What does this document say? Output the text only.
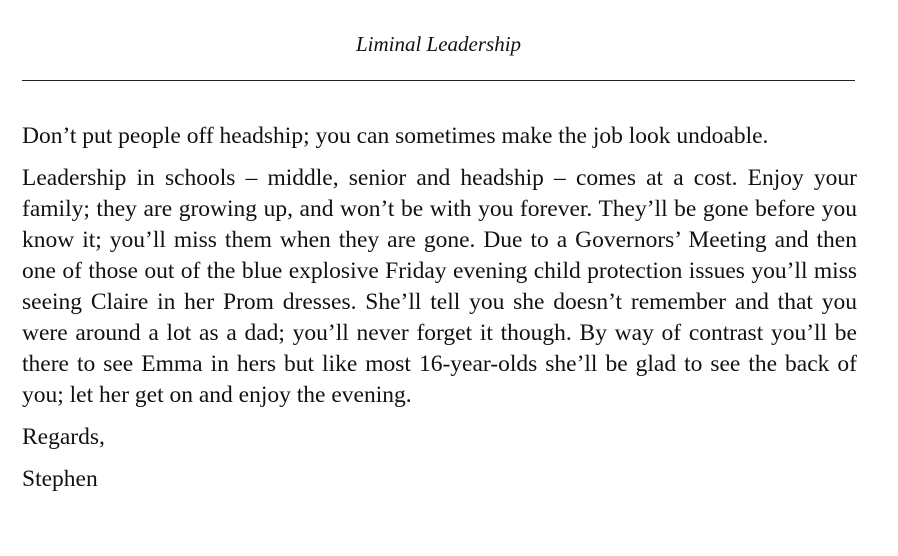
Liminal Leadership

Don’t put people off headship; you can sometimes make the job look undoable.

Leadership in schools – middle, senior and headship – comes at a cost. Enjoy your family; they are growing up, and won’t be with you forever. They’ll be gone before you know it; you’ll miss them when they are gone. Due to a Governors’ Meeting and then one of those out of the blue explosive Friday evening child protection issues you’ll miss seeing Claire in her Prom dresses. She’ll tell you she doesn’t remember and that you were around a lot as a dad; you’ll never forget it though. By way of contrast you’ll be there to see Emma in hers but like most 16-year-olds she’ll be glad to see the back of you; let her get on and enjoy the evening.

Regards,

Stephen
